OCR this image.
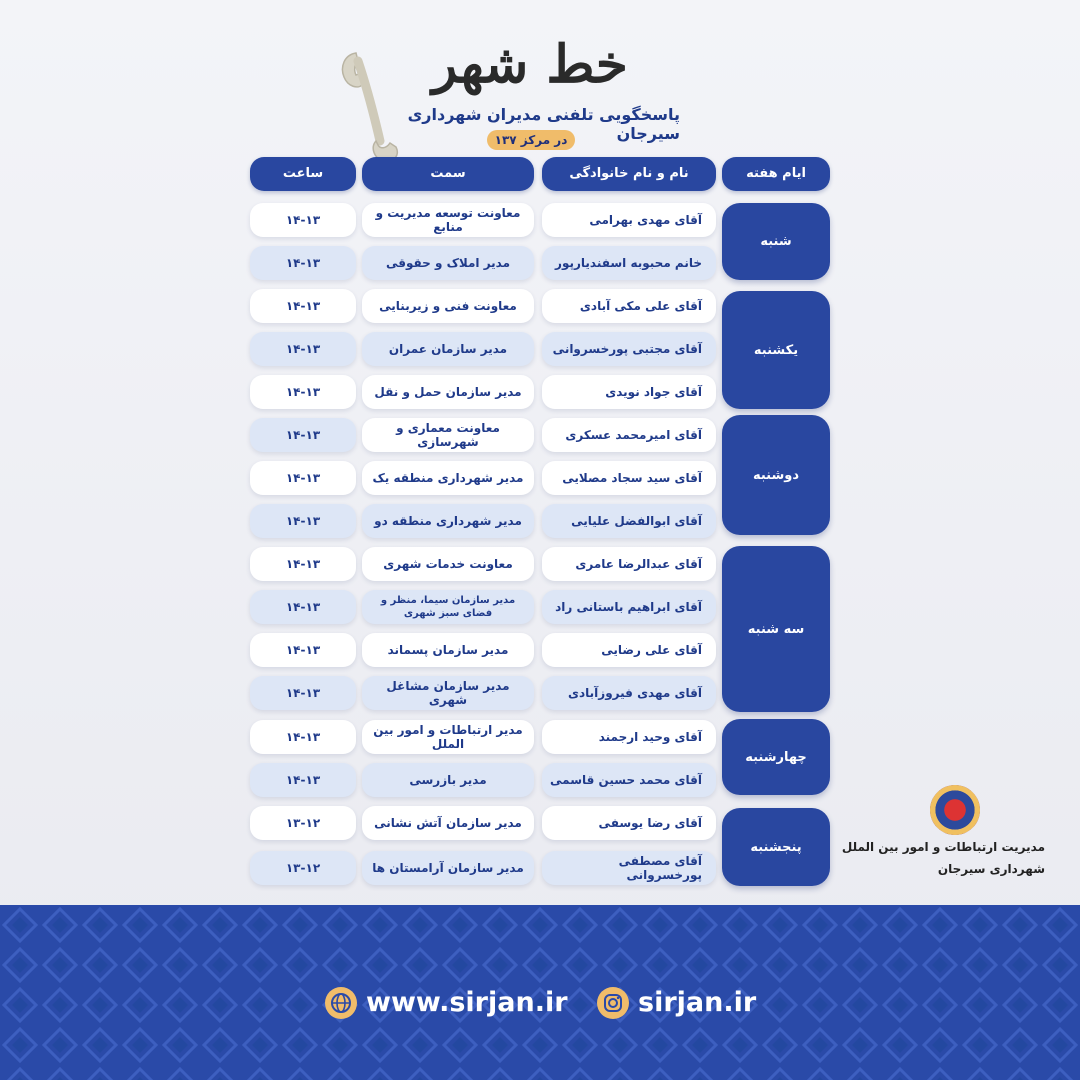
خط شهر
پاسخگویی تلفنی مدیران شهرداری سیرجان
در مرکز ۱۳۷
ایام هفته
نام و نام خانوادگی
سمت
ساعت
شنبه
یکشنبه
دوشنبه
سه شنبه
چهارشنبه
پنجشنبه
آقای مهدی بهرامی
معاونت توسعه مدیریت و منابع
۱۴-۱۳
خانم محبوبه اسفندیارپور
مدیر املاک و حقوقی
۱۴-۱۳
آقای علی مکی آبادی
معاونت فنی و زیربنایی
۱۴-۱۳
آقای مجتبی پورخسروانی
مدیر سازمان عمران
۱۴-۱۳
آقای جواد نویدی
مدیر سازمان حمل و نقل
۱۴-۱۳
آقای امیرمحمد عسکری
معاونت معماری و شهرسازی
۱۴-۱۳
آقای سید سجاد مصلایی
مدیر شهرداری منطقه یک
۱۴-۱۳
آقای ابوالفضل علیایی
مدیر شهرداری منطقه دو
۱۴-۱۳
آقای عبدالرضا عامری
معاونت خدمات شهری
۱۴-۱۳
آقای ابراهیم باستانی راد
مدیر سازمان سیما، منظر و فضای سبز شهری
۱۴-۱۳
آقای علی رضایی
مدیر سازمان پسماند
۱۴-۱۳
آقای مهدی فیروزآبادی
مدیر سازمان مشاغل شهری
۱۴-۱۳
آقای وحید ارجمند
مدیر ارتباطات و امور بین الملل
۱۴-۱۳
آقای محمد حسین قاسمی
مدیر بازرسی
۱۴-۱۳
آقای رضا یوسفی
مدیر سازمان آتش نشانی
۱۳-۱۲
آقای مصطفی پورخسروانی
مدیر سازمان آرامستان ها
۱۳-۱۲
مدیریت ارتباطات و امور بین الملل
شهرداری سیرجان
www.sirjan.ir	sirjan.ir
